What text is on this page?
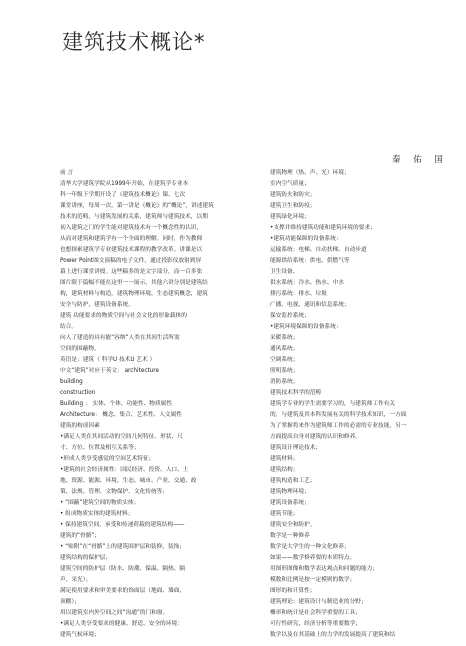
建筑技术概论*
秦 佑 国
前 言
清华大学建筑学院从1999年开始，在建筑学专业本
科一年级下学期开设了《建筑技术概论》课。七次
课堂讲座，每周一次，第一讲是《概论》的“概论”，讲述建筑
技术的范畴，与建筑发展的关系，建筑师与建筑技术，以期
初入建筑之门的学生能对建筑技术有一个概念性的认识，
从而对建筑和建筑学有一个全面的理解。同时，作为教师
也想探索建筑学专业建筑技术课程的教学改革。讲课是以
Power Point图文演稿的电子文件，通过投影仪放射到屏
幕上进行课堂讲授。这些稿多的是文字部分，而一百多张
图片限于篇幅不能在这里一一展示，其他六讲分别是建筑结
构，建筑材料与构造，建筑物理环境，生态建筑概念，建筑
安全与防护，建筑设备系统。
建筑 功能要求的物质空间与社会文化的形象载体的
结合。
向人了建造的具有能“容纳”人类在其间生活所需
空间的围蔽物。
英语是：建筑（ 科学U 技术U 艺术 ）
中文“建筑”对应于英文： architecture
building
construction
Building ： 实体、个体、功能性、物质属性
Architecture： 概念、集合、艺术性、人文属性
建筑的构成因素
•满足人类在其间活动的空间几何特征、形状、尺
寸、方位、位置及相互关系等；
•形成人类享受感觉的空间艺术特征；
•建筑的社会经济属性：国民经济、投资、人口、土
地、资源、能源、环境、生态、城市、产业、交通、政
策、法规、管理、文物保护、文化传统等；
• “围蔽”建筑空间的物质实体；
• 组成物质实体的建筑材料；
• 保持建筑空间，承受和传递荷载的建筑结构——
建筑的“骨骼”；
• “贴附”在“骨骼”上的建筑围护层和装修，装饰；
建筑结构的保护层；
建筑空间的防护层（防水、防潮、保温、隔热、隔
声、采光）；
满足使用要求和审美要求的饰面层（地面、墙面、
顶棚）；
用以建筑室内外空间之间“沟通”的门和窗。
•满足人类享受要求的健康、舒适、安全的环境：
建筑气候环境；
建筑物理（热、声、光）环境；
室内空气质量；
建筑防火和防灾；
建筑卫生和防疫；
建筑绿化环境；
•支撑并维持建筑功能和建筑环境的要求；
•建筑功能保障的设备系统：
运输系统：电梯、自动扶梯、自动步道
能源供给系统：供电、供燃气等
卫生设备、
供水系统：冷水、热水、中水
排污系统：排水、垃圾
广播、电视、通讯和信息系统；
保安监控系统；
•建筑环境保障的设备系统：
采暖系统；
通风系统；
空调系统；
照明系统；
消防系统；
建筑技术科学的范畴
建筑学专业的学生需要学习的，与建筑师工作有关
的，与建筑及其本科发展有关的科学技术知识，一方面
为了掌握将来作为建筑师工作的必需的专业技能，另一
方面提高自身对建筑的认识和修养。
建筑设计理论技术；
建筑材料；
建筑结构；
建筑构造和工艺；
建筑物理环境；
建筑设备系统；
建筑节能；
建筑安全和防护。
数学是一种修养
数学是大学生的一种文化修养；
如果——数学修养要的本质特点；
用图形图像和数学表达观点和问题的能力；
模数和比例是按一定模则的数学；
图形的和计算性；
建筑理论：建筑设计与制造业的分野；
概率和统计是社会科学重要的工具；
可行性研究、经济分析等重要数学；
数学以及在其基础上的力学的发展提高了建筑和结
